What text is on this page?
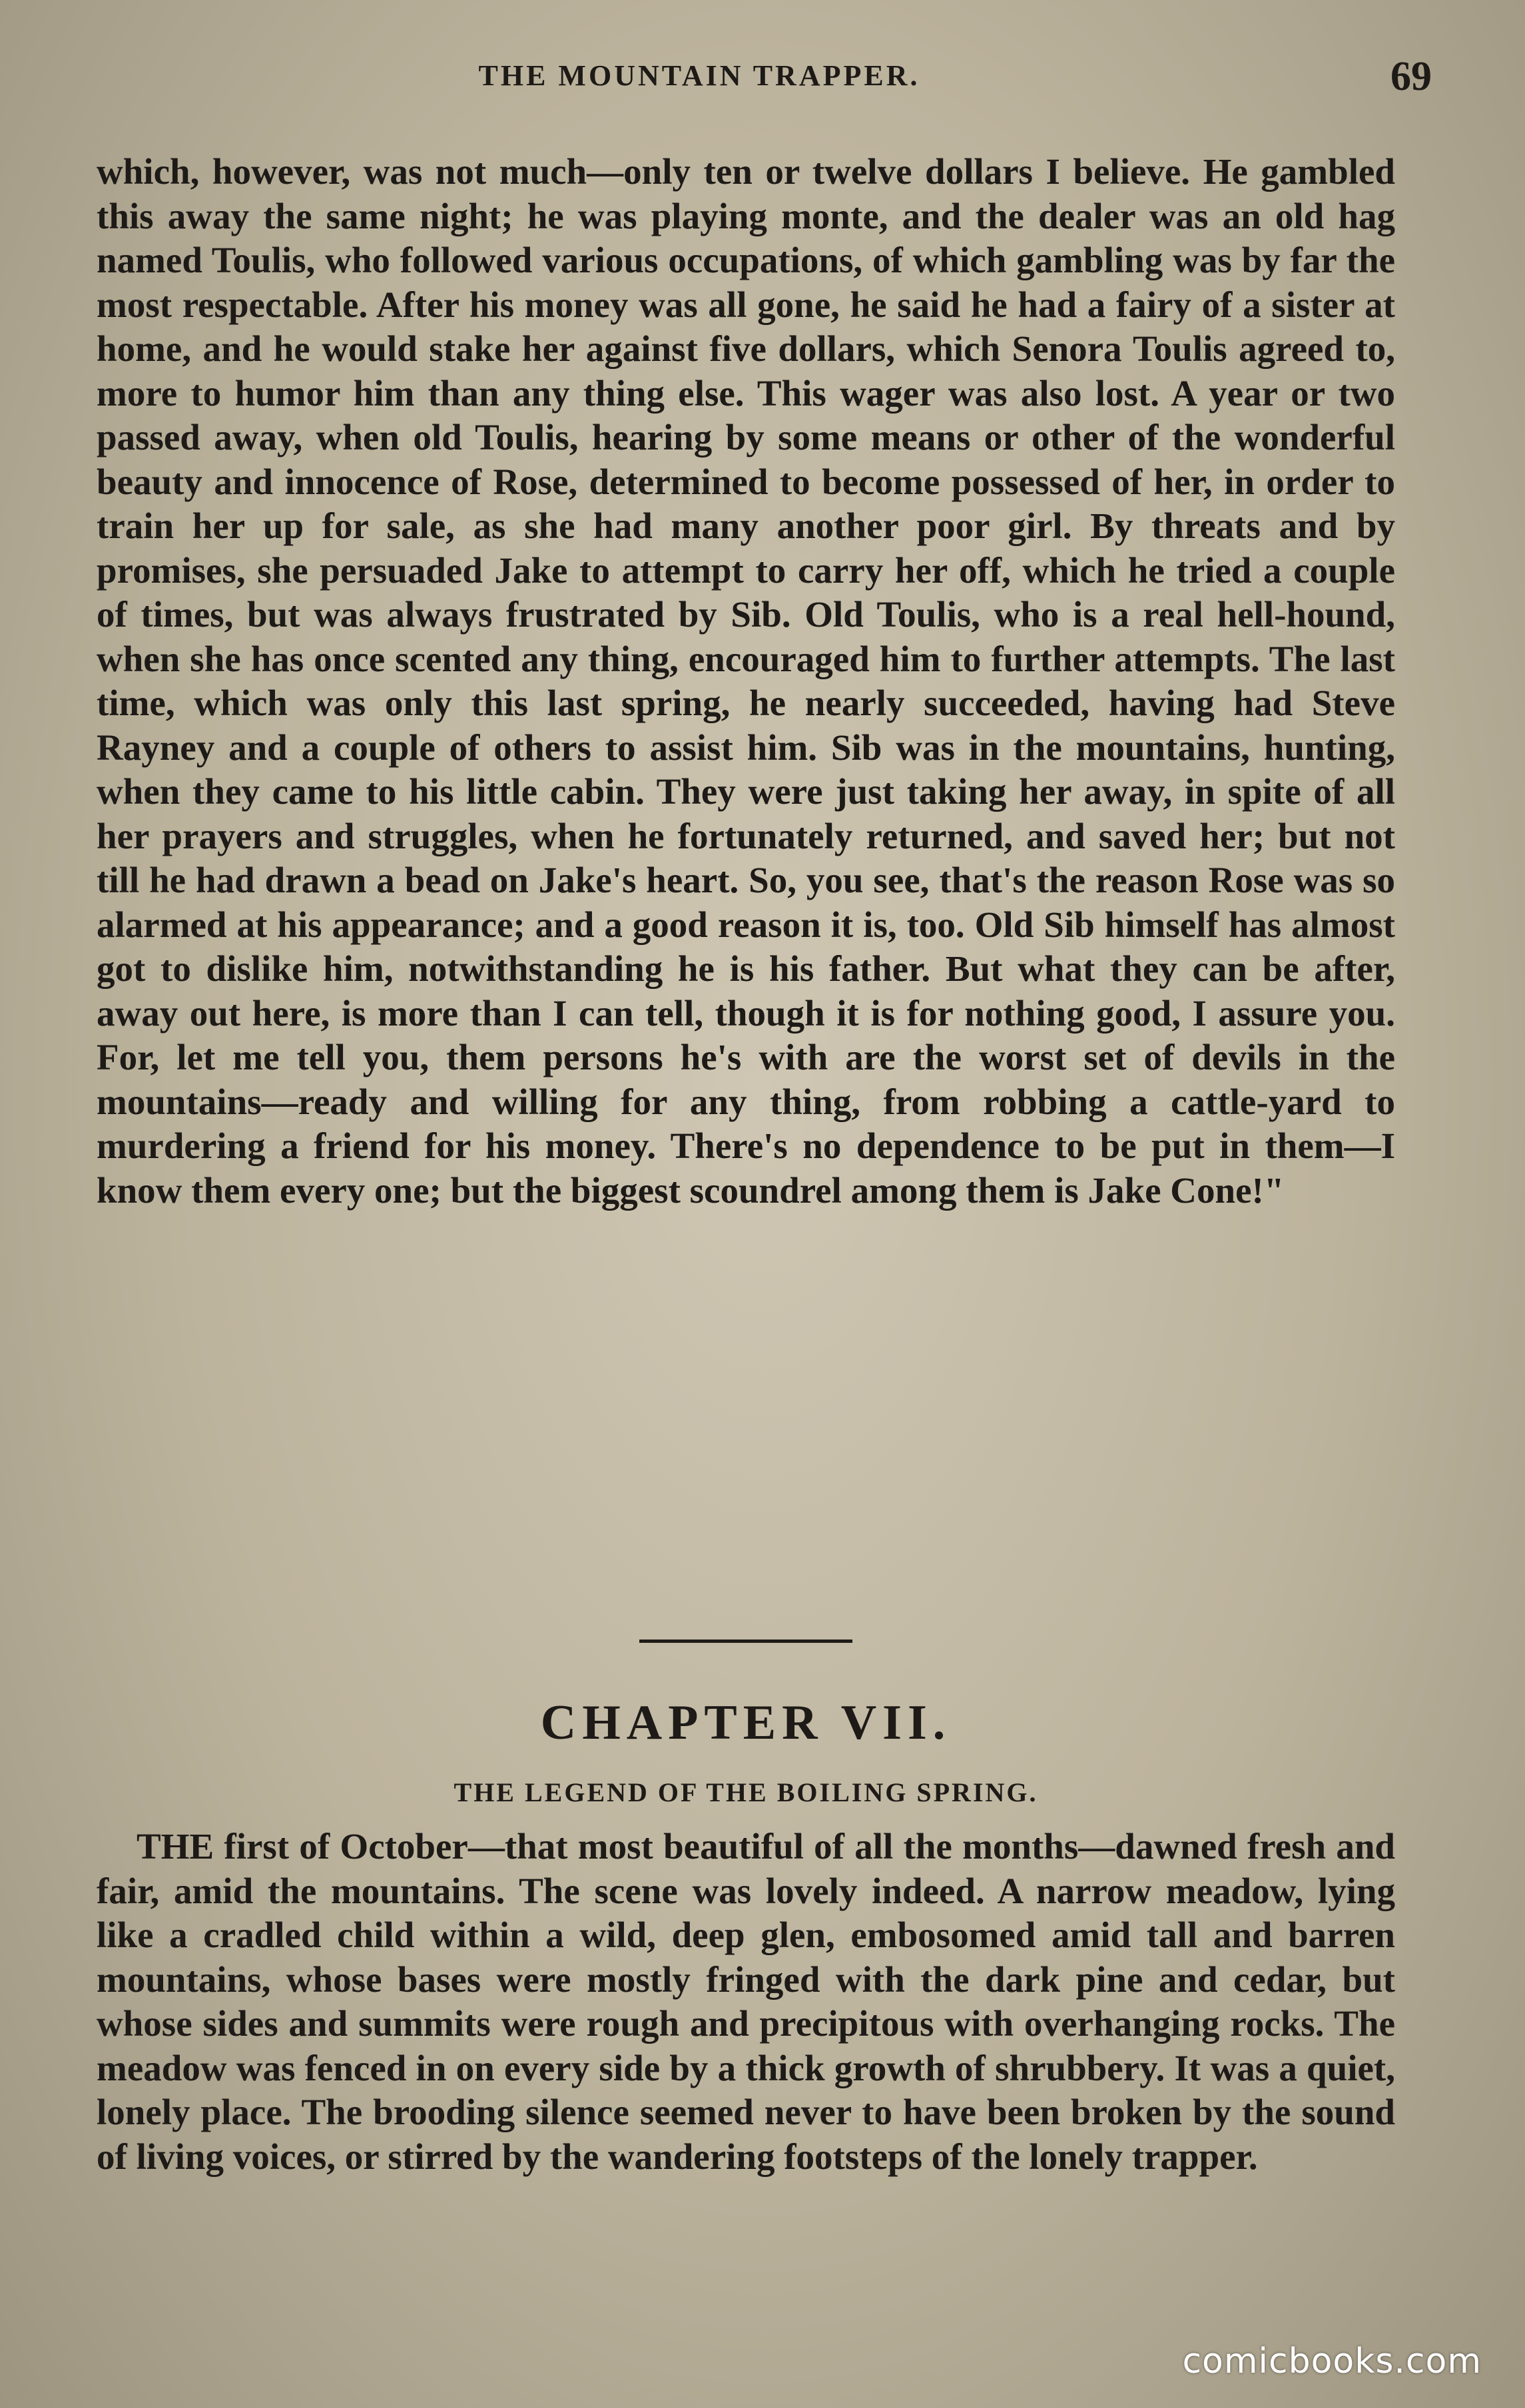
THE MOUNTAIN TRAPPER.	69

which, however, was not much—only ten or twelve dollars I believe. He gambled this away the same night; he was playing monte, and the dealer was an old hag named Toulis, who followed various occupations, of which gambling was by far the most respectable. After his money was all gone, he said he had a fairy of a sister at home, and he would stake her against five dollars, which Senora Toulis agreed to, more to humor him than any thing else. This wager was also lost. A year or two passed away, when old Toulis, hearing by some means or other of the wonderful beauty and innocence of Rose, determined to become possessed of her, in order to train her up for sale, as she had many another poor girl. By threats and by promises, she persuaded Jake to attempt to carry her off, which he tried a couple of times, but was always frustrated by Sib. Old Toulis, who is a real hell-hound, when she has once scented any thing, encouraged him to further attempts. The last time, which was only this last spring, he nearly succeeded, having had Steve Rayney and a couple of others to assist him. Sib was in the mountains, hunting, when they came to his little cabin. They were just taking her away, in spite of all her prayers and struggles, when he fortunately returned, and saved her; but not till he had drawn a bead on Jake's heart. So, you see, that's the reason Rose was so alarmed at his appearance; and a good reason it is, too. Old Sib himself has almost got to dislike him, notwithstanding he is his father. But what they can be after, away out here, is more than I can tell, though it is for nothing good, I assure you. For, let me tell you, them persons he's with are the worst set of devils in the mountains—ready and willing for any thing, from robbing a cattle-yard to murdering a friend for his money. There's no dependence to be put in them—I know them every one; but the biggest scoundrel among them is Jake Cone!"

CHAPTER VII.
THE LEGEND OF THE BOILING SPRING.

THE first of October—that most beautiful of all the months—dawned fresh and fair, amid the mountains. The scene was lovely indeed. A narrow meadow, lying like a cradled child within a wild, deep glen, embosomed amid tall and barren mountains, whose bases were mostly fringed with the dark pine and cedar, but whose sides and summits were rough and precipitous with overhanging rocks. The meadow was fenced in on every side by a thick growth of shrubbery. It was a quiet, lonely place. The brooding silence seemed never to have been broken by the sound of living voices, or stirred by the wandering footsteps of the lonely trapper.

comicbooks.com
